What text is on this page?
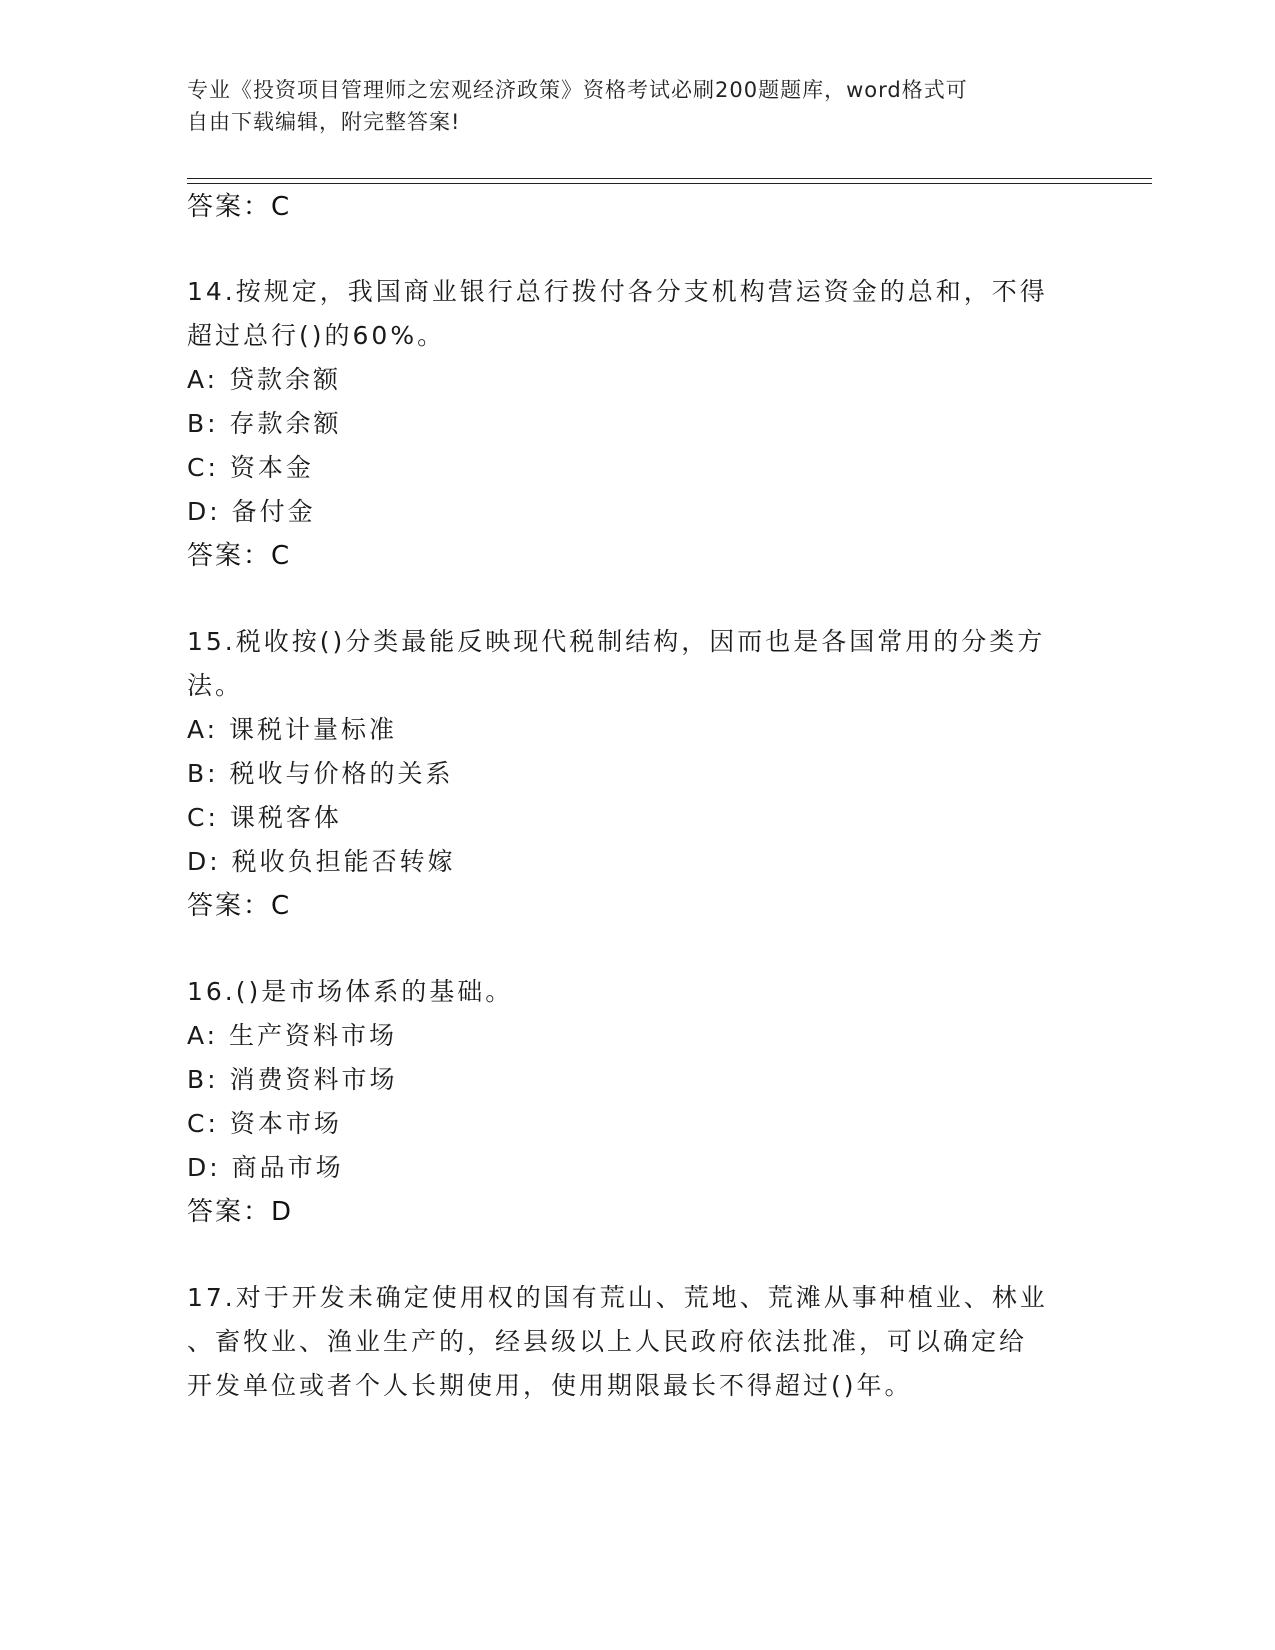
专业《投资项目管理师之宏观经济政策》资格考试必刷200题题库，word格式可
自由下载编辑，附完整答案!
答案：C
14.按规定，我国商业银行总行拨付各分支机构营运资金的总和，不得
超过总行()的60%。
A: 贷款余额
B: 存款余额
C: 资本金
D: 备付金
答案：C
15.税收按()分类最能反映现代税制结构，因而也是各国常用的分类方
法。
A: 课税计量标准
B: 税收与价格的关系
C: 课税客体
D: 税收负担能否转嫁
答案：C
16.()是市场体系的基础。
A: 生产资料市场
B: 消费资料市场
C: 资本市场
D: 商品市场
答案：D
17.对于开发未确定使用权的国有荒山、荒地、荒滩从事种植业、林业
、畜牧业、渔业生产的，经县级以上人民政府依法批准，可以确定给
开发单位或者个人长期使用，使用期限最长不得超过()年。
